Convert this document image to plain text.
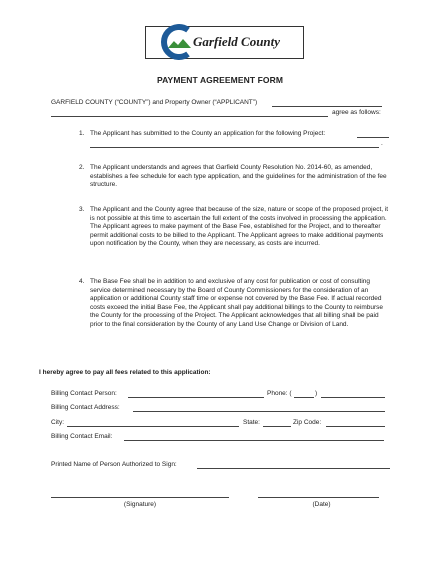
Garfield County
PAYMENT AGREEMENT FORM
GARFIELD COUNTY (“COUNTY”) and Property Owner (“APPLICANT”)
agree as follows:
1. The Applicant has submitted to the County an application for the following Project:
.
2. The Applicant understands and agrees that Garfield County Resolution No. 2014-60, as amended, establishes a fee schedule for each type application, and the guidelines for the administration of the fee structure.
3. The Applicant and the County agree that because of the size, nature or scope of the proposed project, it is not possible at this time to ascertain the full extent of the costs involved in processing the application. The Applicant agrees to make payment of the Base Fee, established for the Project, and to thereafter permit additional costs to be billed to the Applicant. The Applicant agrees to make additional payments upon notification by the County, when they are necessary, as costs are incurred.
4. The Base Fee shall be in addition to and exclusive of any cost for publication or cost of consulting service determined necessary by the Board of County Commissioners for the consideration of an application or additional County staff time or expense not covered by the Base Fee. If actual recorded costs exceed the initial Base Fee, the Applicant shall pay additional billings to the County to reimburse the County for the processing of the Project. The Applicant acknowledges that all billing shall be paid prior to the final consideration by the County of any Land Use Change or Division of Land.
I hereby agree to pay all fees related to this application:
Billing Contact Person:	Phone: (	)
Billing Contact Address:
City:	State:	Zip Code:
Billing Contact Email:
Printed Name of Person Authorized to Sign:
(Signature)	(Date)
